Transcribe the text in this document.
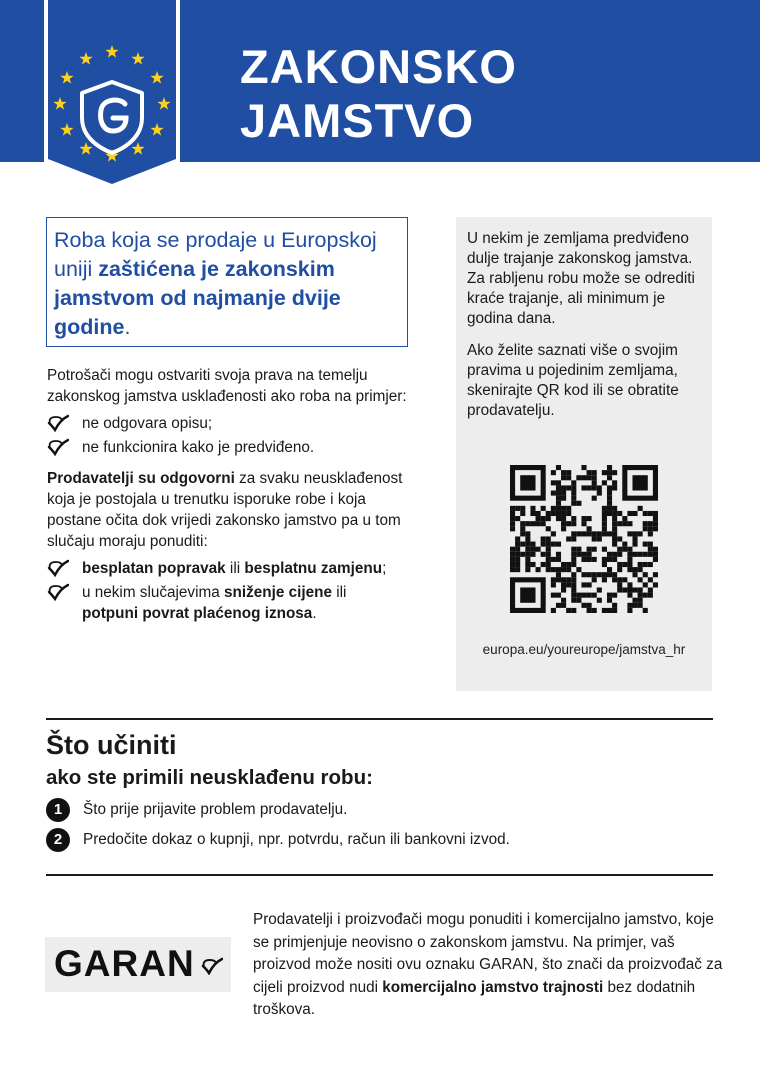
ZAKONSKO
JAMSTVO
Roba koja se prodaje u Europskoj uniji zaštićena je zakonskim jamstvom od najmanje dvije godine.

Potrošači mogu ostvariti svoja prava na temelju zakonskog jamstva usklađenosti ako roba na primjer:

ne odgovara opisu;
ne funkcionira kako je predviđeno.

Prodavatelji su odgovorni za svaku neusklađenost koja je postojala u trenutku isporuke robe i koja postane očita dok vrijedi zakonsko jamstvo pa u tom slučaju moraju ponuditi:

besplatan popravak ili besplatnu zamjenu;
u nekim slučajevima sniženje cijene ili
potpuni povrat plaćenog iznosa.

U nekim je zemljama predviđeno dulje trajanje zakonskog jamstva. Za rabljenu robu može se odrediti kraće trajanje, ali minimum je godina dana.

Ako želite saznati više o svojim pravima u pojedinim zemljama, skenirajte QR kod ili se obratite prodavatelju.

europa.eu/youreurope/jamstva_hr
Što učiniti
ako ste primili neusklađenu robu:
1	Što prije prijavite problem prodavatelju.
2	Predočite dokaz o kupnji, npr. potvrdu, račun ili bankovni izvod.
GARAN

Prodavatelji i proizvođači mogu ponuditi i komercijalno jamstvo, koje se primjenjuje neovisno o zakonskom jamstvu. Na primjer, vaš proizvod može nositi ovu oznaku GARAN, što znači da proizvođač za cijeli proizvod nudi komercijalno jamstvo trajnosti bez dodatnih troškova.
